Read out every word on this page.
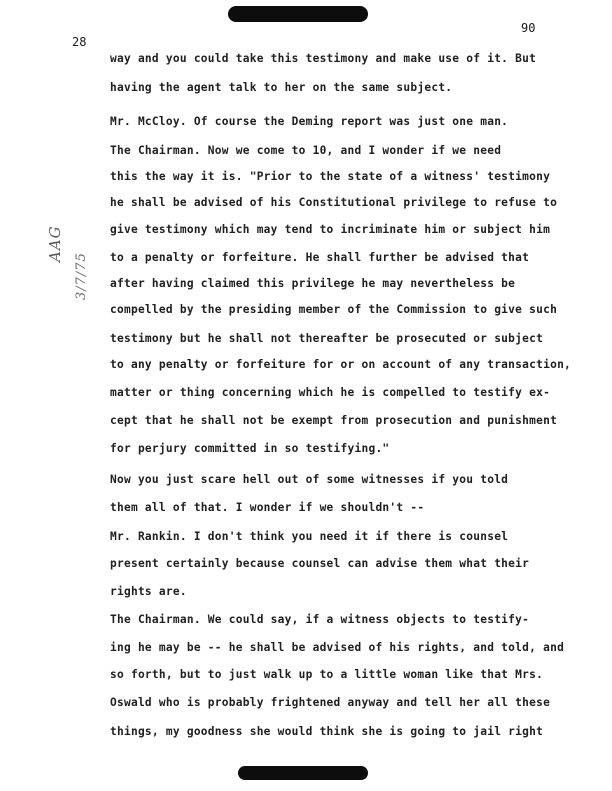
28
90
AAG
3/7/75
way and you could take this testimony and make use of it. But
having the agent talk to her on the same subject.
Mr. McCloy. Of course the Deming report was just one man.
The Chairman. Now we come to 10, and I wonder if we need
this the way it is. "Prior to the state of a witness' testimony
he shall be advised of his Constitutional privilege to refuse to
give testimony which may tend to incriminate him or subject him
to a penalty or forfeiture. He shall further be advised that
after having claimed this privilege he may nevertheless be
compelled by the presiding member of the Commission to give such
testimony but he shall not thereafter be prosecuted or subject
to any penalty or forfeiture for or on account of any transaction,
matter or thing concerning which he is compelled to testify ex-
cept that he shall not be exempt from prosecution and punishment
for perjury committed in so testifying."
Now you just scare hell out of some witnesses if you told
them all of that. I wonder if we shouldn't --
Mr. Rankin. I don't think you need it if there is counsel
present certainly because counsel can advise them what their
rights are.
The Chairman. We could say, if a witness objects to testify-
ing he may be -- he shall be advised of his rights, and told, and
so forth, but to just walk up to a little woman like that Mrs.
Oswald who is probably frightened anyway and tell her all these
things, my goodness she would think she is going to jail right
